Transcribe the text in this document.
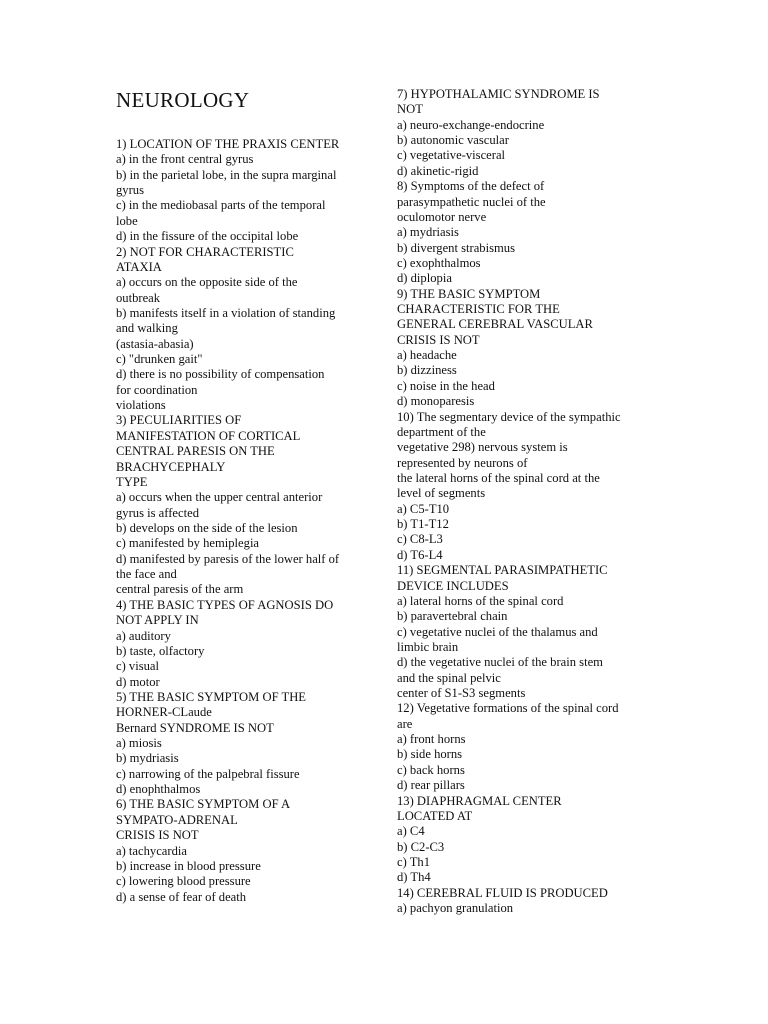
NEUROLOGY
1) LOCATION OF THE PRAXIS CENTER
a) in the front central gyrus
b) in the parietal lobe, in the supra marginal
gyrus
c) in the mediobasal parts of the temporal
lobe
d) in the fissure of the occipital lobe
2) NOT FOR CHARACTERISTIC
ATAXIA
a) occurs on the opposite side of the
outbreak
b) manifests itself in a violation of standing
and walking
(astasia-abasia)
c) "drunken gait"
d) there is no possibility of compensation
for coordination
violations
3) PECULIARITIES OF
MANIFESTATION OF CORTICAL
CENTRAL PARESIS ON THE
BRACHYCEPHALY
TYPE
a) occurs when the upper central anterior
gyrus is affected
b) develops on the side of the lesion
c) manifested by hemiplegia
d) manifested by paresis of the lower half of
the face and
central paresis of the arm
4) THE BASIC TYPES OF AGNOSIS DO
NOT APPLY IN
a) auditory
b) taste, olfactory
c) visual
d) motor
5) THE BASIC SYMPTOM OF THE
HORNER-CLaude
Bernard SYNDROME IS NOT
a) miosis
b) mydriasis
c) narrowing of the palpebral fissure
d) enophthalmos
6) THE BASIC SYMPTOM OF A
SYMPATO-ADRENAL
CRISIS IS NOT
a) tachycardia
b) increase in blood pressure
c) lowering blood pressure
d) a sense of fear of death
7) HYPOTHALAMIC SYNDROME IS
NOT
a) neuro-exchange-endocrine
b) autonomic vascular
c) vegetative-visceral
d) akinetic-rigid
8) Symptoms of the defect of
parasympathetic nuclei of the
oculomotor nerve
a) mydriasis
b) divergent strabismus
c) exophthalmos
d) diplopia
9) THE BASIC SYMPTOM
CHARACTERISTIC FOR THE
GENERAL CEREBRAL VASCULAR
CRISIS IS NOT
a) headache
b) dizziness
c) noise in the head
d) monoparesis
10) The segmentary device of the sympathic
department of the
vegetative 298) nervous system is
represented by neurons of
the lateral horns of the spinal cord at the
level of segments
a) C5-T10
b) T1-T12
c) C8-L3
d) T6-L4
11) SEGMENTAL PARASIMPATHETIC
DEVICE INCLUDES
a) lateral horns of the spinal cord
b) paravertebral chain
c) vegetative nuclei of the thalamus and
limbic brain
d) the vegetative nuclei of the brain stem
and the spinal pelvic
center of S1-S3 segments
12) Vegetative formations of the spinal cord
are
a) front horns
b) side horns
c) back horns
d) rear pillars
13) DIAPHRAGMAL CENTER
LOCATED AT
a) C4
b) C2-C3
c) Th1
d) Th4
14) CEREBRAL FLUID IS PRODUCED
a) pachyon granulation
